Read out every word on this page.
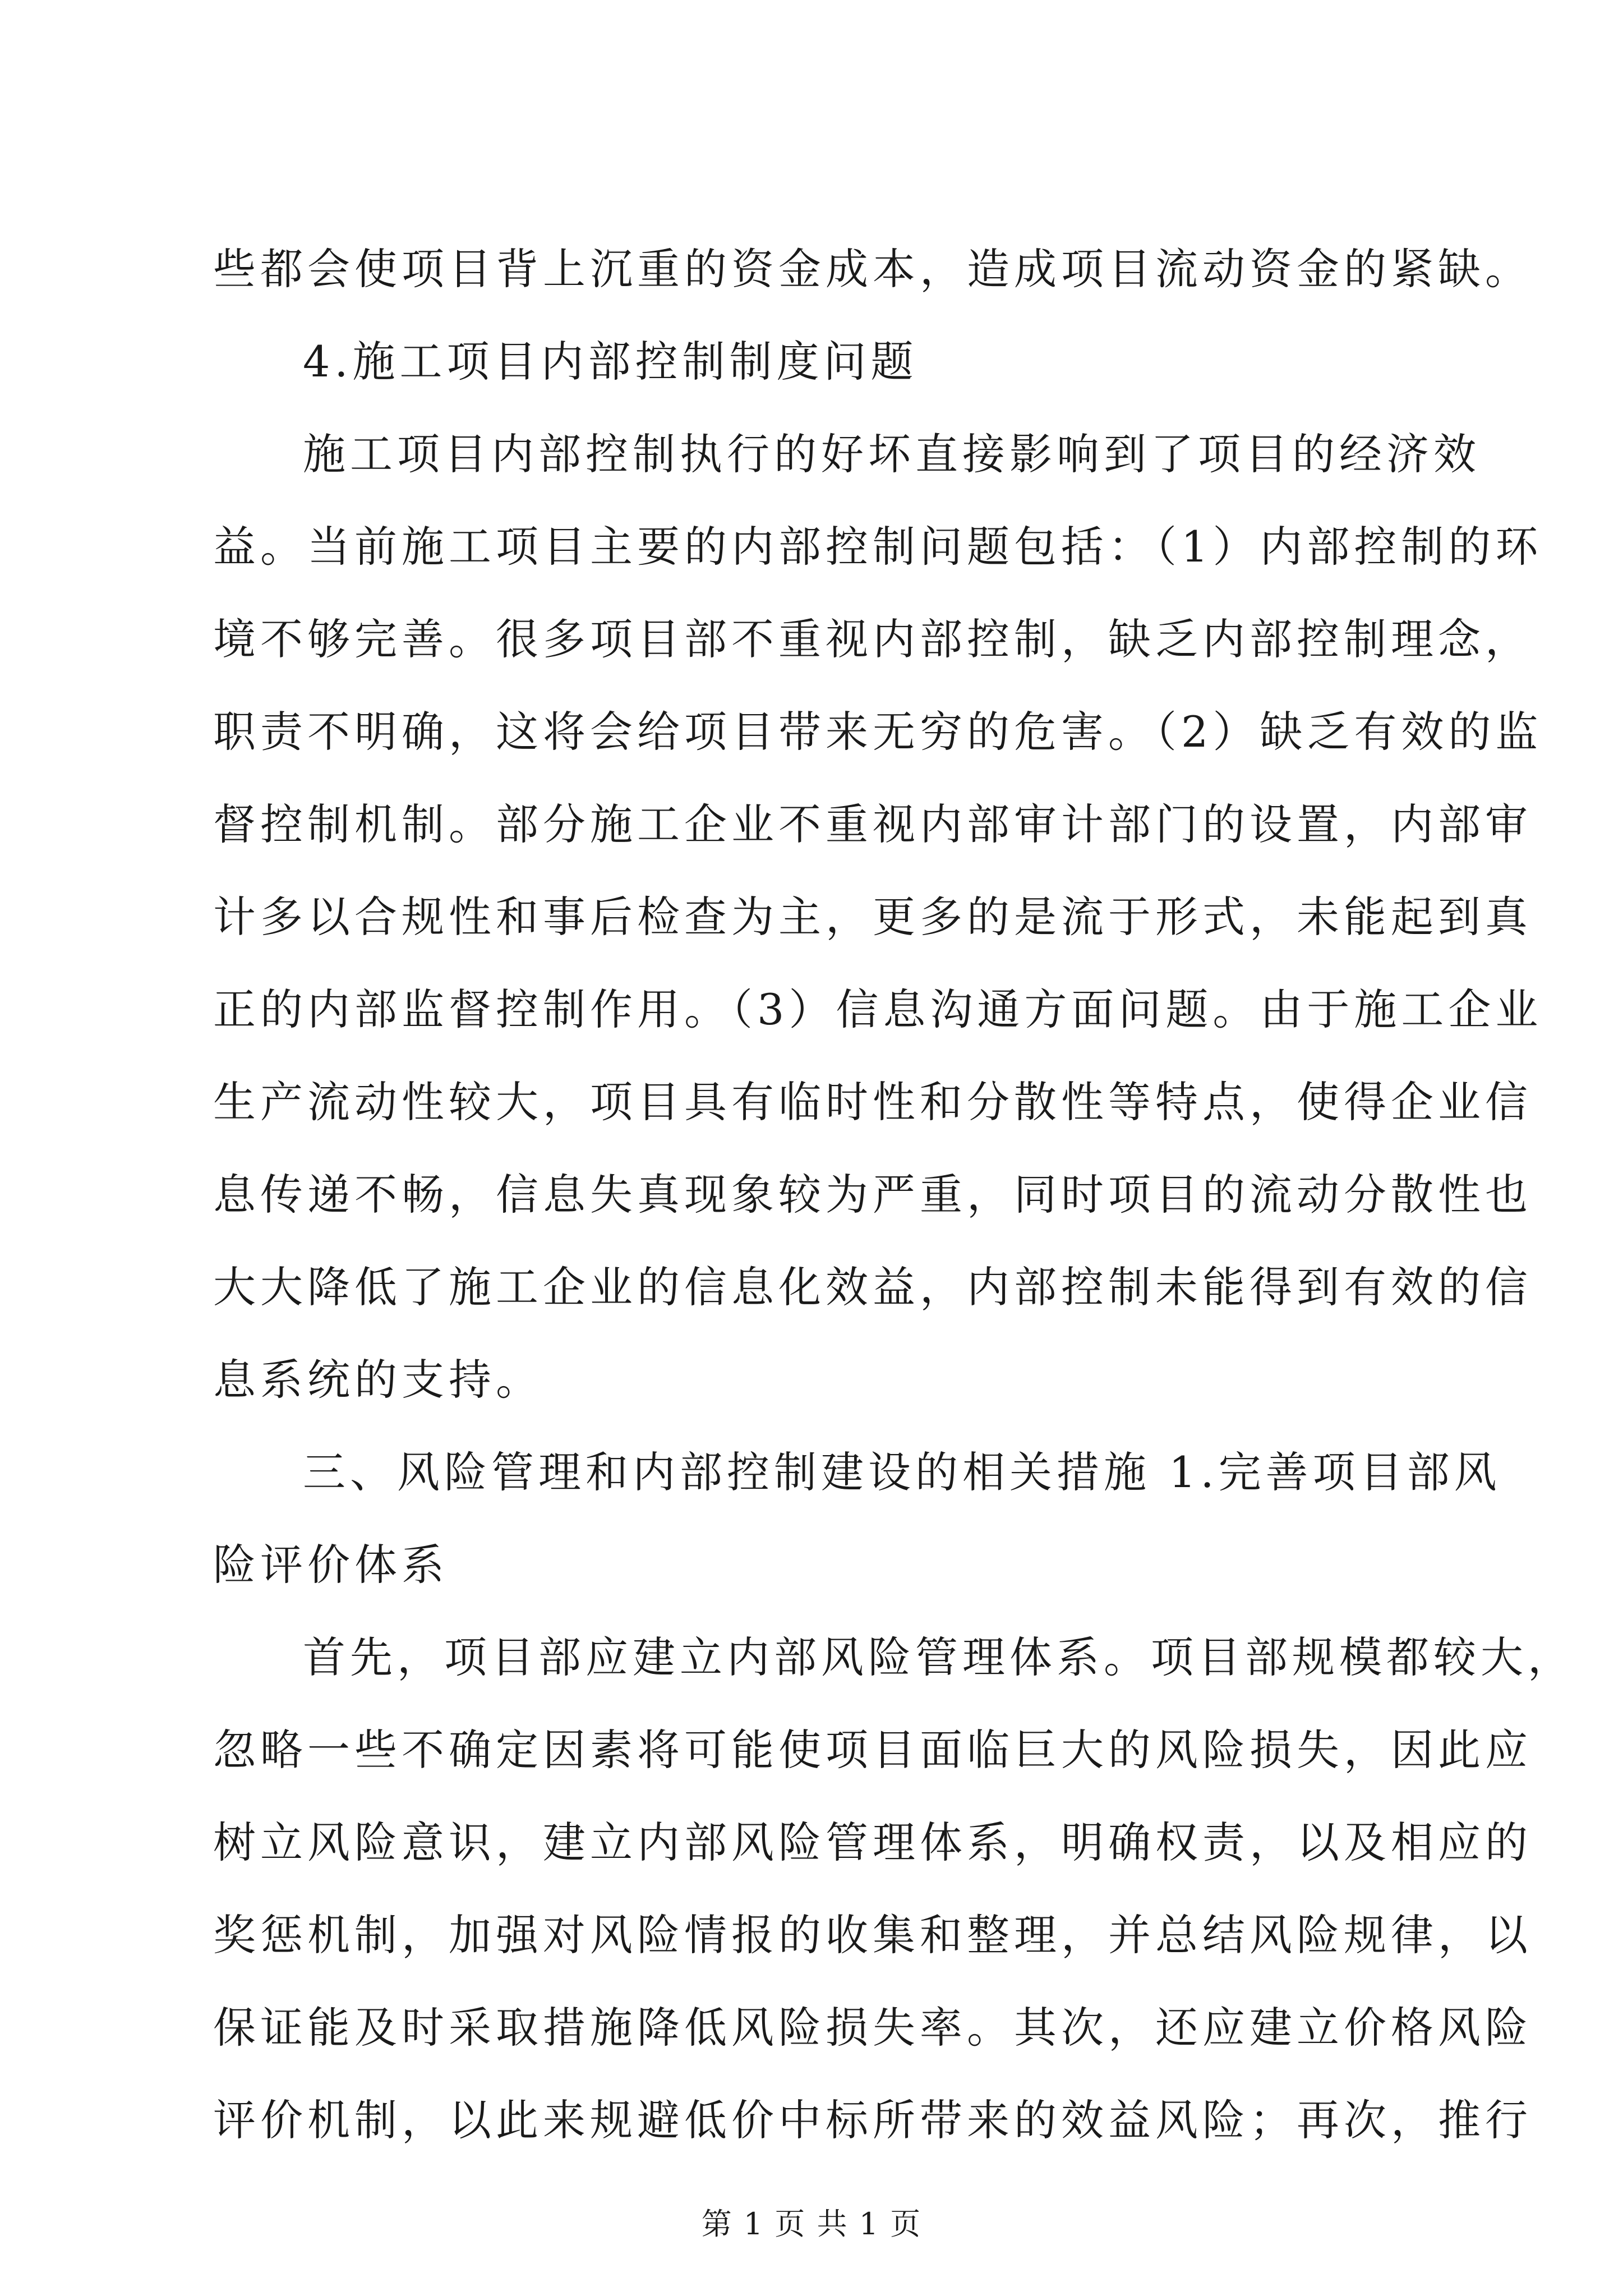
些都会使项目背上沉重的资金成本，造成项目流动资金的紧缺。
4.施工项目内部控制制度问题
施工项目内部控制执行的好坏直接影响到了项目的经济效
益。当前施工项目主要的内部控制问题包括：（1）内部控制的环
境不够完善。很多项目部不重视内部控制，缺乏内部控制理念，
职责不明确，这将会给项目带来无穷的危害。（2）缺乏有效的监
督控制机制。部分施工企业不重视内部审计部门的设置，内部审
计多以合规性和事后检查为主，更多的是流于形式，未能起到真
正的内部监督控制作用。（3）信息沟通方面问题。由于施工企业
生产流动性较大，项目具有临时性和分散性等特点，使得企业信
息传递不畅，信息失真现象较为严重，同时项目的流动分散性也
大大降低了施工企业的信息化效益，内部控制未能得到有效的信
息系统的支持。
三、风险管理和内部控制建设的相关措施 1.完善项目部风
险评价体系
首先，项目部应建立内部风险管理体系。项目部规模都较大，
忽略一些不确定因素将可能使项目面临巨大的风险损失，因此应
树立风险意识，建立内部风险管理体系，明确权责，以及相应的
奖惩机制，加强对风险情报的收集和整理，并总结风险规律，以
保证能及时采取措施降低风险损失率。其次，还应建立价格风险
评价机制，以此来规避低价中标所带来的效益风险；再次，推行
第 1 页 共 1 页
